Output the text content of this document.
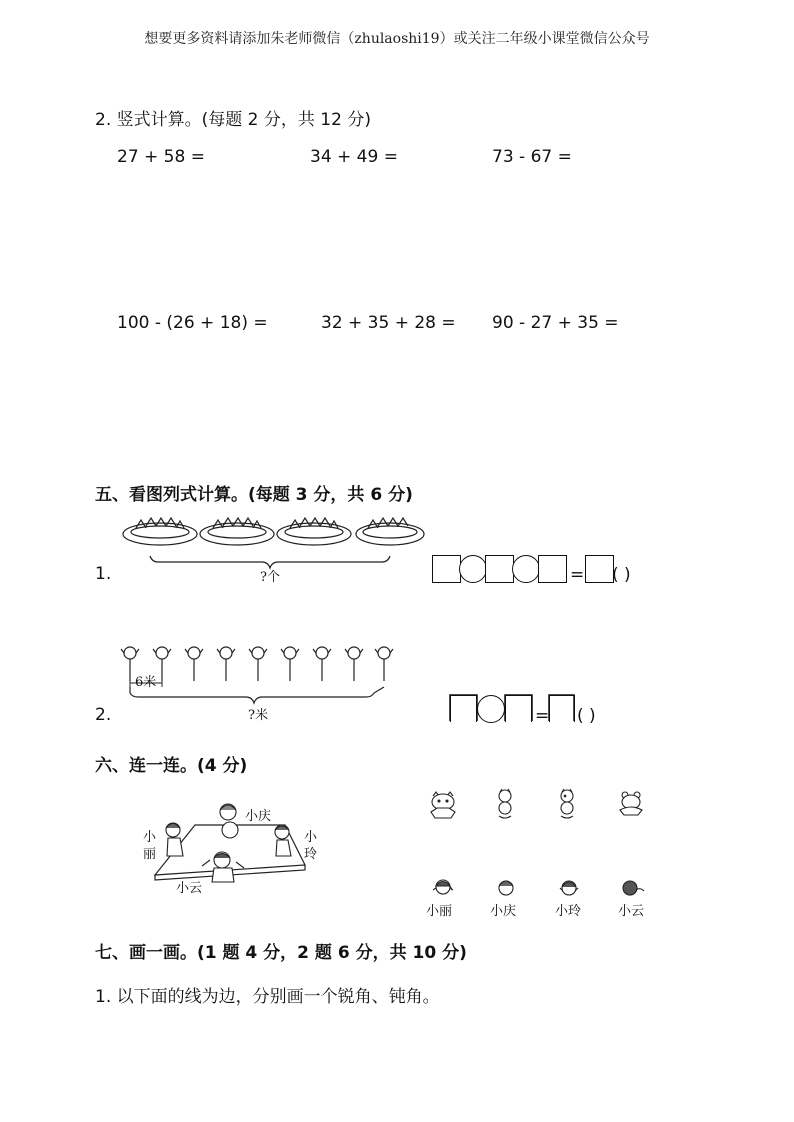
想要更多资料请添加朱老师微信（zhulaoshi19）或关注二年级小课堂微信公众号
2. 竖式计算。(每题 2 分，共 12 分)
27 + 58 =	34 + 49 =	73 - 67 =
100 - (26 + 18) =	32 + 35 + 28 = 90 - 27 + 35 =
五、看图列式计算。(每题 3 分，共 6 分)
1.	?个	= ( )
2.
6米
?米	= ( )
六、连一连。(4 分)
小庆
小
丽
小
玲
小云
小丽	小庆	小玲	小云
七、画一画。(1 题 4 分，2 题 6 分，共 10 分)
1. 以下面的线为边，分别画一个锐角、钝角。
